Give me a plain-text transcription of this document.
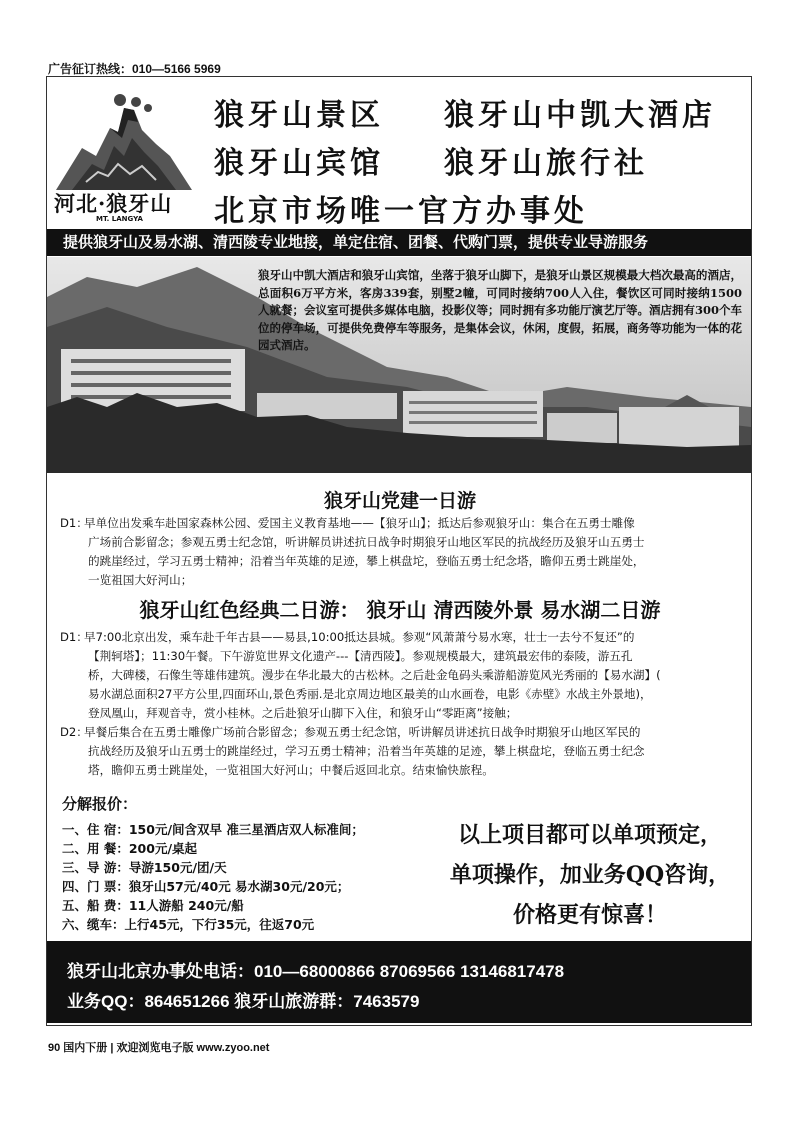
广告征订热线：010—5166 5969
河北·狼牙山
MT. LANGYA
狼牙山景区 狼牙山中凯大酒店
狼牙山宾馆 狼牙山旅行社
北京市场唯一官方办事处
提供狼牙山及易水湖、清西陵专业地接，单定住宿、团餐、代购门票，提供专业导游服务
狼牙山中凯大酒店和狼牙山宾馆，坐落于狼牙山脚下，是狼牙山景区规模最大档次最高的酒店，总面积6万平方米，客房339套，别墅2幢，可同时接纳700人入住，餐饮区可同时接纳1500人就餐；会议室可提供多媒体电脑，投影仪等；同时拥有多功能厅演艺厅等。酒店拥有300个车位的停车场，可提供免费停车等服务，是集体会议，休闲，度假，拓展，商务等功能为一体的花园式酒店。
狼牙山党建一日游
D1：早单位出发乘车赴国家森林公园、爱国主义教育基地——【狼牙山】；抵达后参观狼牙山：集合在五勇士雕像
广场前合影留念；参观五勇士纪念馆，听讲解员讲述抗日战争时期狼牙山地区军民的抗战经历及狼牙山五勇士
的跳崖经过，学习五勇士精神；沿着当年英雄的足迹，攀上棋盘坨，登临五勇士纪念塔，瞻仰五勇士跳崖处，
一览祖国大好河山；
狼牙山红色经典二日游： 狼牙山 清西陵外景 易水湖二日游
D1：早7:00北京出发，乘车赴千年古县——易县,10:00抵达县城。参观“风萧萧兮易水寒，壮士一去兮不复还”的
【荆轲塔】；11:30午餐。下午游览世界文化遗产---【清西陵】。参观规模最大，建筑最宏伟的泰陵，游五孔
桥，大碑楼，石像生等雄伟建筑。漫步在华北最大的古松林。之后赴金龟码头乘游船游览风光秀丽的【易水湖】(
易水湖总面积27平方公里,四面环山,景色秀丽.是北京周边地区最美的山水画卷，电影《赤壁》水战主外景地)，
登凤凰山，拜观音寺，赏小桂林。之后赴狼牙山脚下入住，和狼牙山“零距离”接触；
D2：早餐后集合在五勇士雕像广场前合影留念；参观五勇士纪念馆，听讲解员讲述抗日战争时期狼牙山地区军民的
抗战经历及狼牙山五勇士的跳崖经过，学习五勇士精神；沿着当年英雄的足迹，攀上棋盘坨，登临五勇士纪念
塔，瞻仰五勇士跳崖处，一览祖国大好河山；中餐后返回北京。结束愉快旅程。
分解报价：
一、住 宿：150元/间含双早 准三星酒店双人标准间；
二、用 餐：200元/桌起
三、导 游：导游150元/团/天
四、门 票：狼牙山57元/40元 易水湖30元/20元；
五、船 费：11人游船 240元/船
六、缆车：上行45元，下行35元，往返70元
以上项目都可以单项预定，
单项操作，加业务QQ咨询，
价格更有惊喜！
狼牙山北京办事处电话：010—68000866 87069566 13146817478
业务QQ：864651266 狼牙山旅游群：7463579
90 国内下册 | 欢迎浏览电子版 www.zyoo.net
